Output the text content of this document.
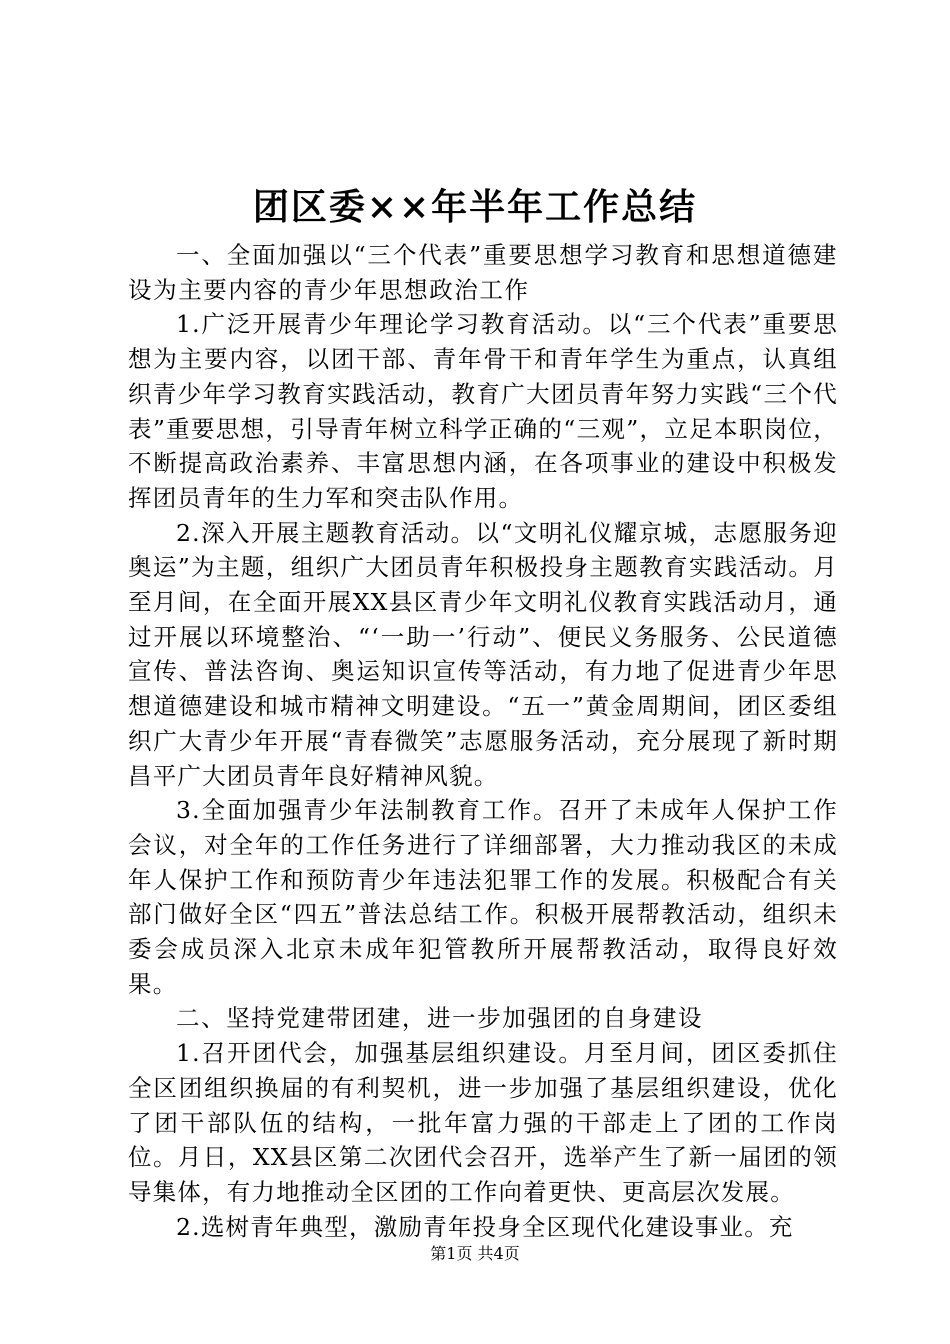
团区委××年半年工作总结

一、全面加强以“三个代表”重要思想学习教育和思想道德建设为主要内容的青少年思想政治工作

1.广泛开展青少年理论学习教育活动。以“三个代表”重要思想为主要内容，以团干部、青年骨干和青年学生为重点，认真组织青少年学习教育实践活动，教育广大团员青年努力实践“三个代表”重要思想，引导青年树立科学正确的“三观”，立足本职岗位，不断提高政治素养、丰富思想内涵，在各项事业的建设中积极发挥团员青年的生力军和突击队作用。

2.深入开展主题教育活动。以“文明礼仪耀京城，志愿服务迎奥运”为主题，组织广大团员青年积极投身主题教育实践活动。月至月间，在全面开展XX县区青少年文明礼仪教育实践活动月，通过开展以环境整治、“‘一助一’行动”、便民义务服务、公民道德宣传、普法咨询、奥运知识宣传等活动，有力地了促进青少年思想道德建设和城市精神文明建设。“五一”黄金周期间，团区委组织广大青少年开展“青春微笑”志愿服务活动，充分展现了新时期昌平广大团员青年良好精神风貌。

3.全面加强青少年法制教育工作。召开了未成年人保护工作会议，对全年的工作任务进行了详细部署，大力推动我区的未成年人保护工作和预防青少年违法犯罪工作的发展。积极配合有关部门做好全区“四五”普法总结工作。积极开展帮教活动，组织未委会成员深入北京未成年犯管教所开展帮教活动，取得良好效果。

二、坚持党建带团建，进一步加强团的自身建设

1.召开团代会，加强基层组织建设。月至月间，团区委抓住全区团组织换届的有利契机，进一步加强了基层组织建设，优化了团干部队伍的结构，一批年富力强的干部走上了团的工作岗位。月日，XX县区第二次团代会召开，选举产生了新一届团的领导集体，有力地推动全区团的工作向着更快、更高层次发展。

2.选树青年典型，激励青年投身全区现代化建设事业。充

第1页 共4页
